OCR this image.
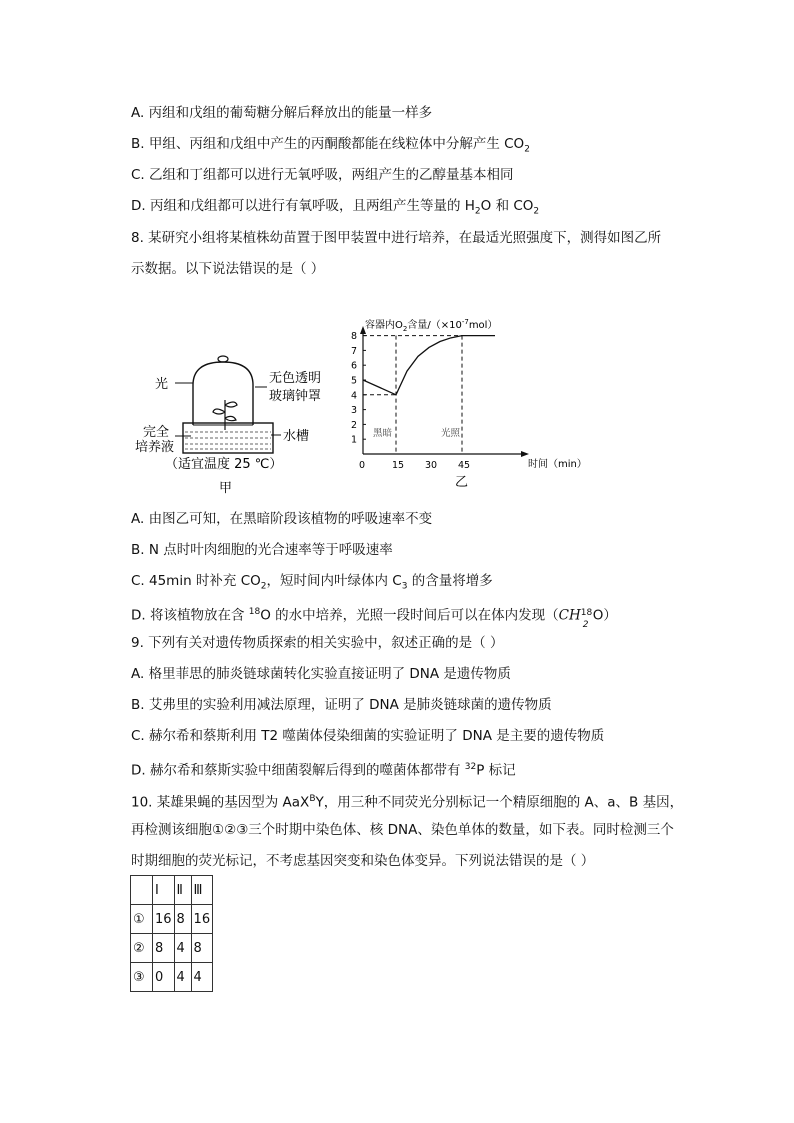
A. 丙组和戊组的葡萄糖分解后释放出的能量一样多
B. 甲组、丙组和戊组中产生的丙酮酸都能在线粒体中分解产生 $CO_2$
C. 乙组和丁组都可以进行无氧呼吸，两组产生的乙醇量基本相同
D. 丙组和戊组都可以进行有氧呼吸，且两组产生等量的 $H_2O$ 和 $CO_2$
8. 某研究小组将某植株幼苗置于图甲装置中进行培养，在最适光照强度下，测得如图乙所
示数据。以下说法错误的是（ ）
光	无色透明
玻璃钟罩
完全
培养液
水槽
（适宜温度 25 ℃）
甲
容器内$O_2$含量$/(\times 10^{-7}mol)$
1
2
3
4
5
6
7
8
0	15 30 45
黑暗	光照
时间（min）
乙
A. 由图乙可知，在黑暗阶段该植物的呼吸速率不变
B. N 点时叶肉细胞的光合速率等于呼吸速率
C. 45min 时补充 $CO_2$，短时间内叶绿体内 $C_3$ 的含量将增多
D. 将该植物放在含 $^{18}$O 的水中培养，光照一段时间后可以在体内发现（CH 18
2
O）
9. 下列有关对遗传物质探索的相关实验中，叙述正确的是（ ）
A. 格里菲思的肺炎链球菌转化实验直接证明了 DNA 是遗传物质
B. 艾弗里的实验利用减法原理，证明了 DNA 是肺炎链球菌的遗传物质
C. 赫尔希和蔡斯利用 T2 噬菌体侵染细菌的实验证明了 DNA 是主要的遗传物质
D. 赫尔希和蔡斯实验中细菌裂解后得到的噬菌体都带有 $^{32}$P 标记
10. 某雄果蝇的基因型为 AaX$^B$Y，用三种不同荧光分别标记一个精原细胞的 A、a、B 基因，
再检测该细胞①②③三个时期中染色体、核 DNA、染色单体的数量，如下表。同时检测三个
时期细胞的荧光标记，不考虑基因突变和染色体变异。下列说法错误的是（ ）
	Ⅰ	Ⅱ	Ⅲ
①	16	8	16
②	8	4	8
③	0	4	4
